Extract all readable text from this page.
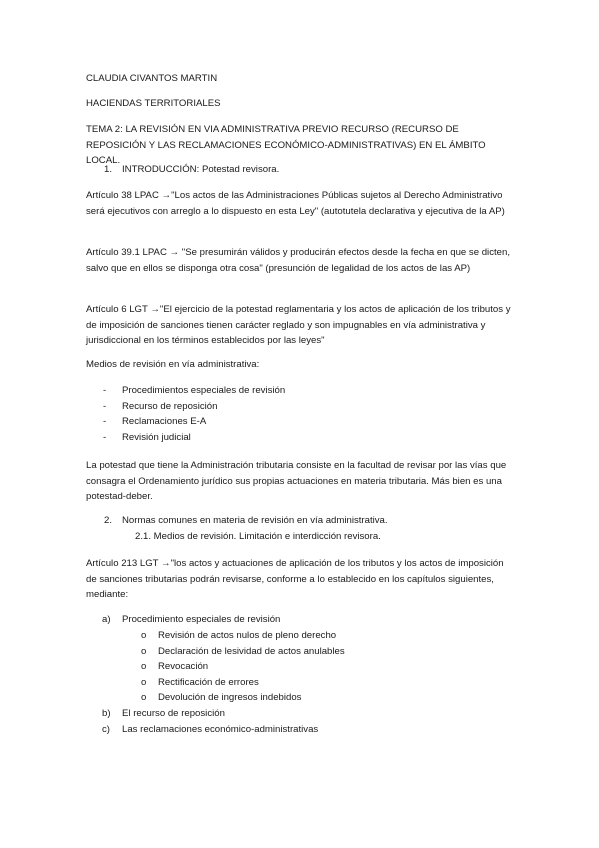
CLAUDIA CIVANTOS MARTIN
HACIENDAS TERRITORIALES
TEMA 2: LA REVISIÓN EN VIA ADMINISTRATIVA PREVIO RECURSO (RECURSO DE REPOSICIÓN Y LAS RECLAMACIONES ECONÓMICO-ADMINISTRATIVAS) EN EL ÁMBITO LOCAL.
1. INTRODUCCIÓN: Potestad revisora.
Artículo 38 LPAC →"Los actos de las Administraciones Públicas sujetos al Derecho Administrativo será ejecutivos con arreglo a lo dispuesto en esta Ley" (autotutela declarativa y ejecutiva de la AP)
Artículo 39.1 LPAC → "Se presumirán válidos y producirán efectos desde la fecha en que se dicten, salvo que en ellos se disponga otra cosa" (presunción de legalidad de los actos de las AP)
Artículo 6 LGT →"El ejercicio de la potestad reglamentaria y los actos de aplicación de los tributos y de imposición de sanciones tienen carácter reglado y son impugnables en vía administrativa y jurisdiccional en los términos establecidos por las leyes"
Medios de revisión en vía administrativa:
- Procedimientos especiales de revisión
- Recurso de reposición
- Reclamaciones E-A
- Revisión judicial
La potestad que tiene la Administración tributaria consiste en la facultad de revisar por las vías que consagra el Ordenamiento jurídico sus propias actuaciones en materia tributaria. Más bien es una potestad-deber.
2. Normas comunes en materia de revisión en vía administrativa.
2.1. Medios de revisión. Limitación e interdicción revisora.
Artículo 213 LGT →"los actos y actuaciones de aplicación de los tributos y los actos de imposición de sanciones tributarias podrán revisarse, conforme a lo establecido en los capítulos siguientes, mediante:
a) Procedimiento especiales de revisión
o Revisión de actos nulos de pleno derecho
o Declaración de lesividad de actos anulables
o Revocación
o Rectificación de errores
o Devolución de ingresos indebidos
b) El recurso de reposición
c) Las reclamaciones económico-administrativas
